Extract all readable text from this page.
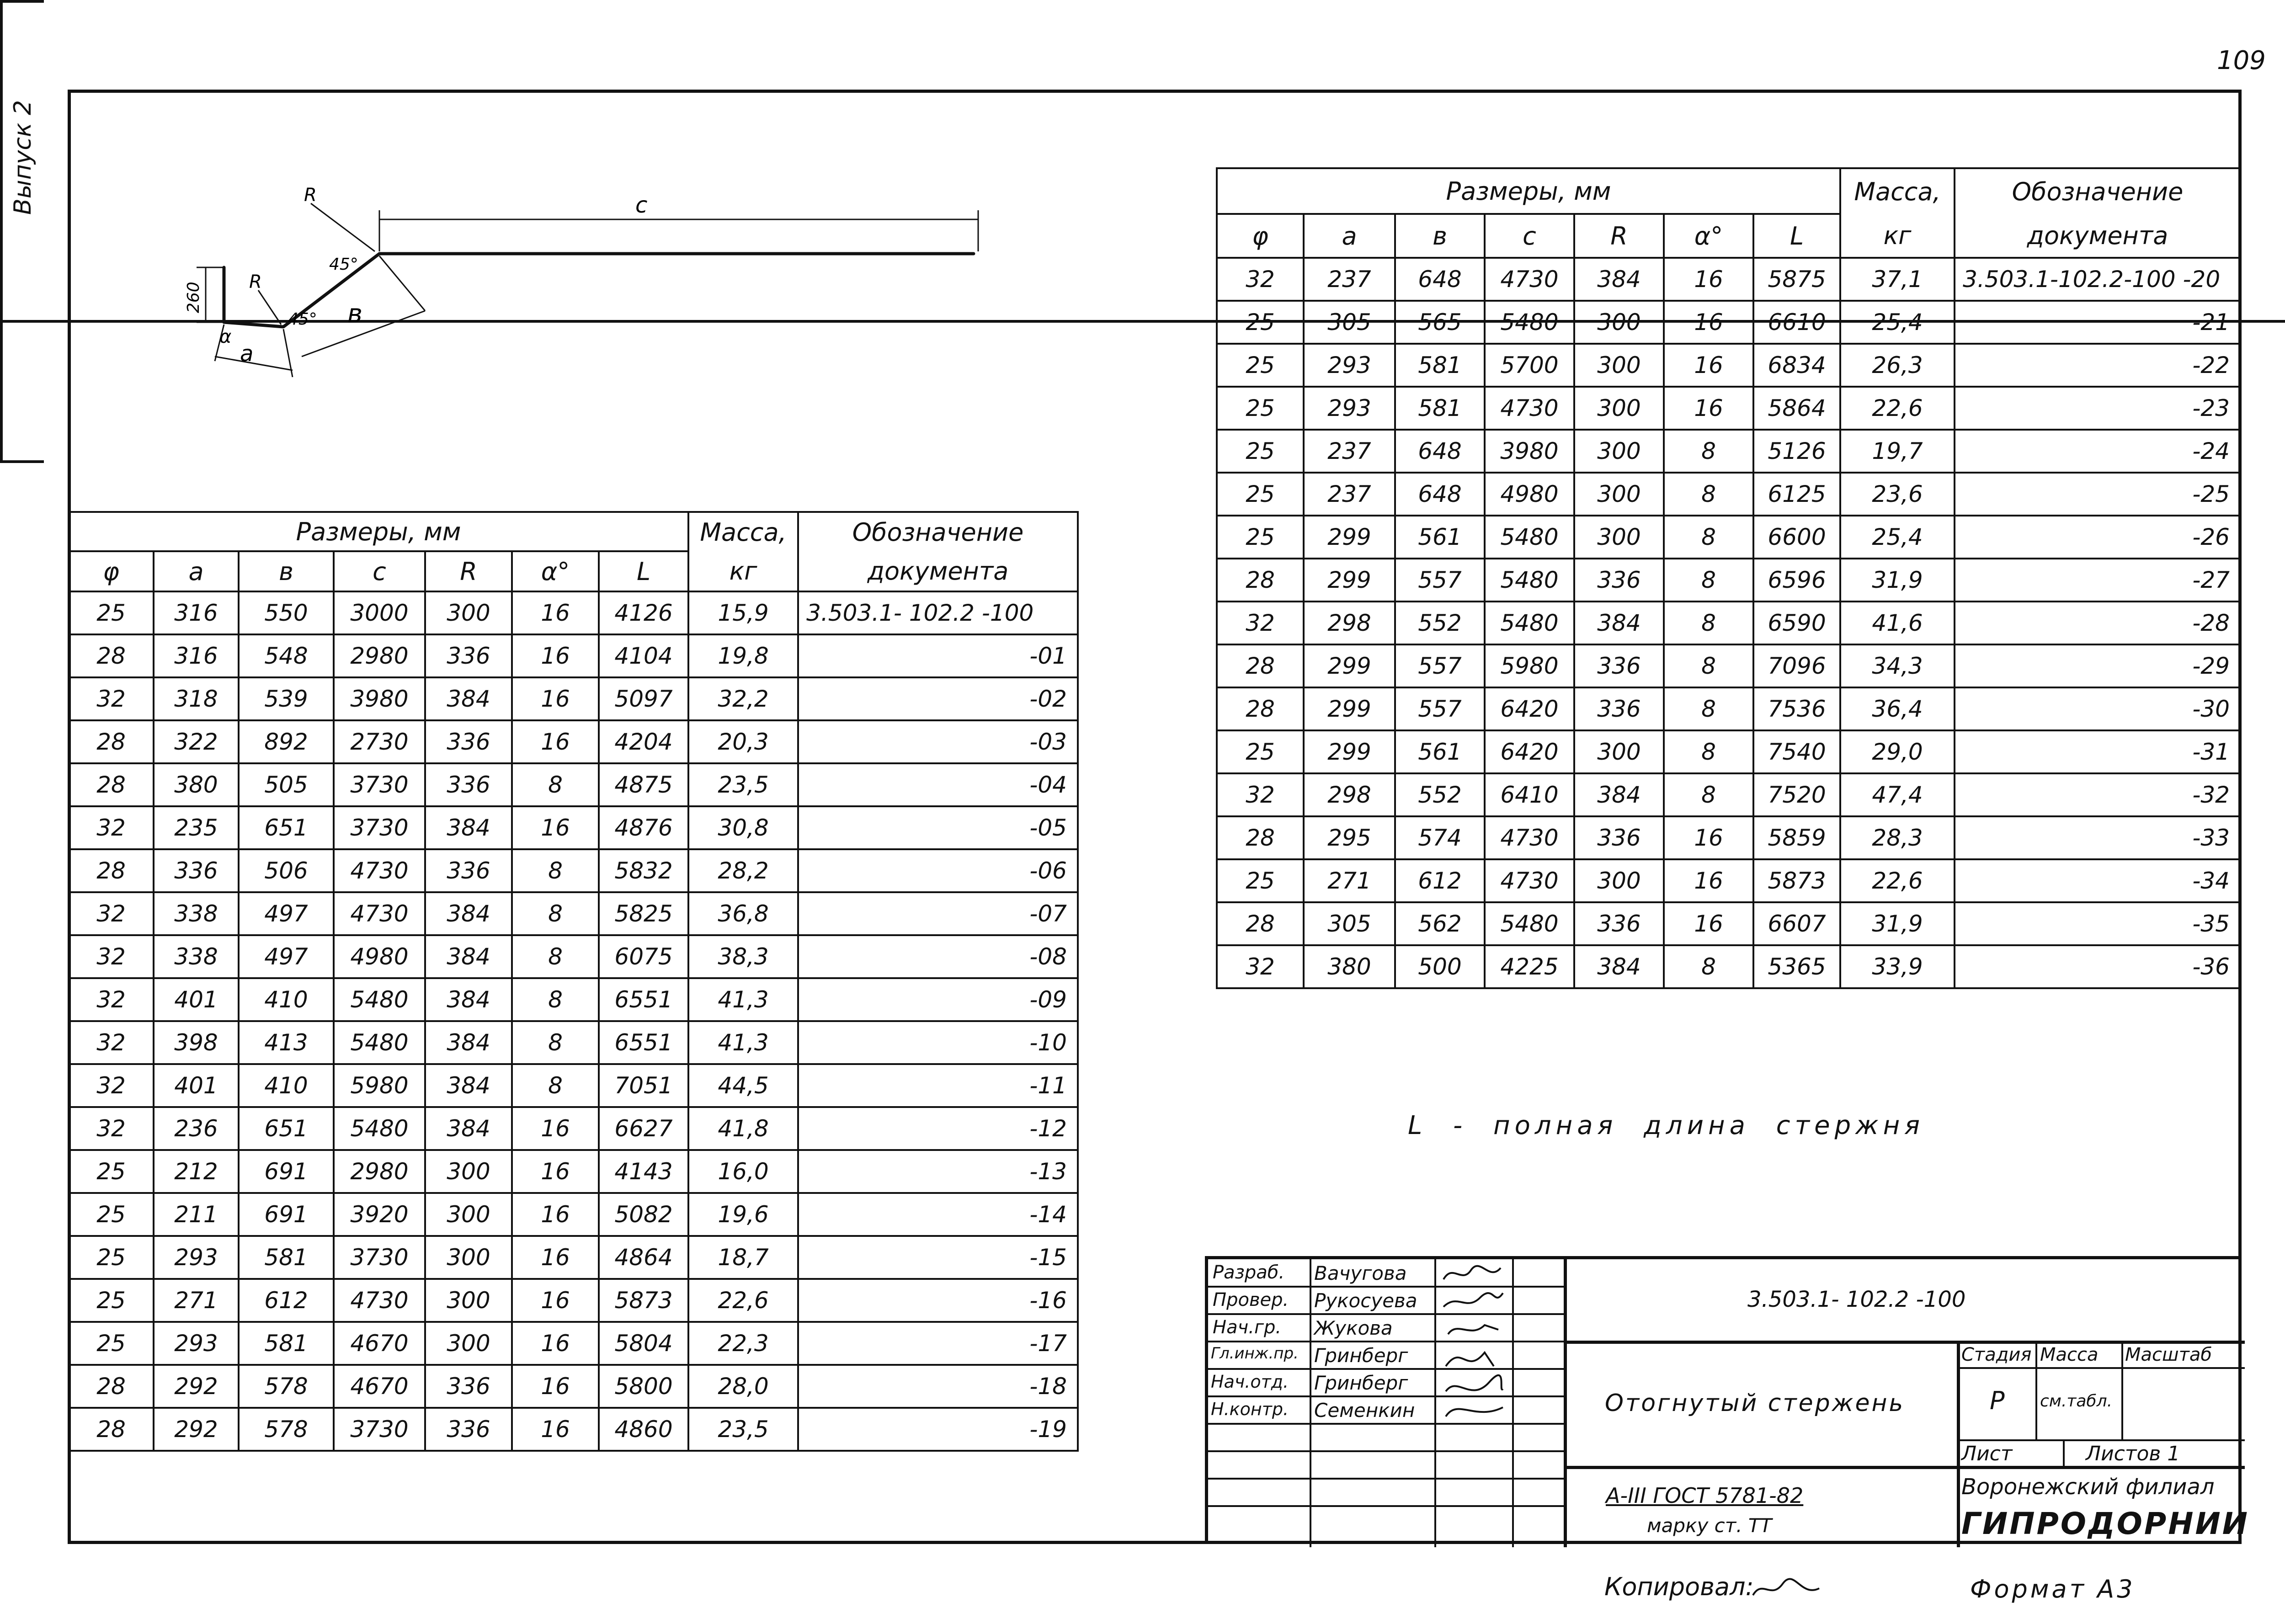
109
Выпуск 2	c
R
R
45°
45°
260
в
a
α
Размеры, мм							Масса,	Обозначение
φ	a	в	c	R	α°	L	кг	документа
25	316	550	3000	300	16	4126	15,9	3.503.1- 102.2 -100
28	316	548	2980	336	16	4104	19,8	-01
32	318	539	3980	384	16	5097	32,2	-02
28	322	892	2730	336	16	4204	20,3	-03
28	380	505	3730	336	8	4875	23,5	-04
32	235	651	3730	384	16	4876	30,8	-05
28	336	506	4730	336	8	5832	28,2	-06
32	338	497	4730	384	8	5825	36,8	-07
32	338	497	4980	384	8	6075	38,3	-08
32	401	410	5480	384	8	6551	41,3	-09
32	398	413	5480	384	8	6551	41,3	-10
32	401	410	5980	384	8	7051	44,5	-11
32	236	651	5480	384	16	6627	41,8	-12
25	212	691	2980	300	16	4143	16,0	-13
25	211	691	3920	300	16	5082	19,6	-14
25	293	581	3730	300	16	4864	18,7	-15
25	271	612	4730	300	16	5873	22,6	-16
25	293	581	4670	300	16	5804	22,3	-17
28	292	578	4670	336	16	5800	28,0	-18
28	292	578	3730	336	16	4860	23,5	-19
Размеры, мм							Масса,	Обозначение
φ	a	в	c	R	α°	L	кг	документа
32	237	648	4730	384	16	5875	37,1	3.503.1-102.2-100 -20
25	305	565	5480	300	16	6610	25,4	-21
25	293	581	5700	300	16	6834	26,3	-22
25	293	581	4730	300	16	5864	22,6	-23
25	237	648	3980	300	8	5126	19,7	-24
25	237	648	4980	300	8	6125	23,6	-25
25	299	561	5480	300	8	6600	25,4	-26
28	299	557	5480	336	8	6596	31,9	-27
32	298	552	5480	384	8	6590	41,6	-28
28	299	557	5980	336	8	7096	34,3	-29
28	299	557	6420	336	8	7536	36,4	-30
25	299	561	6420	300	8	7540	29,0	-31
32	298	552	6410	384	8	7520	47,4	-32
28	295	574	4730	336	16	5859	28,3	-33
25	271	612	4730	300	16	5873	22,6	-34
28	305	562	5480	336	16	6607	31,9	-35
32	380	500	4225	384	8	5365	33,9	-36
L - полная длина стержня
Разраб. Вачугова
Провер. Рукосуева
Нач.гр. Жукова
Гл.инж.пр. Гринберг
Нач.отд. Гринберг
Н.контр. Семенкин
3.503.1- 102.2 -100
Отогнутый стержень
Стадия Масса Масштаб
Р см.табл.
Лист	Листов 1
А-III ГОСТ 5781-82
марку ст. ТТ
Воронежский филиал
ГИПРОДОРНИИ
Копировал:	Формат А3
